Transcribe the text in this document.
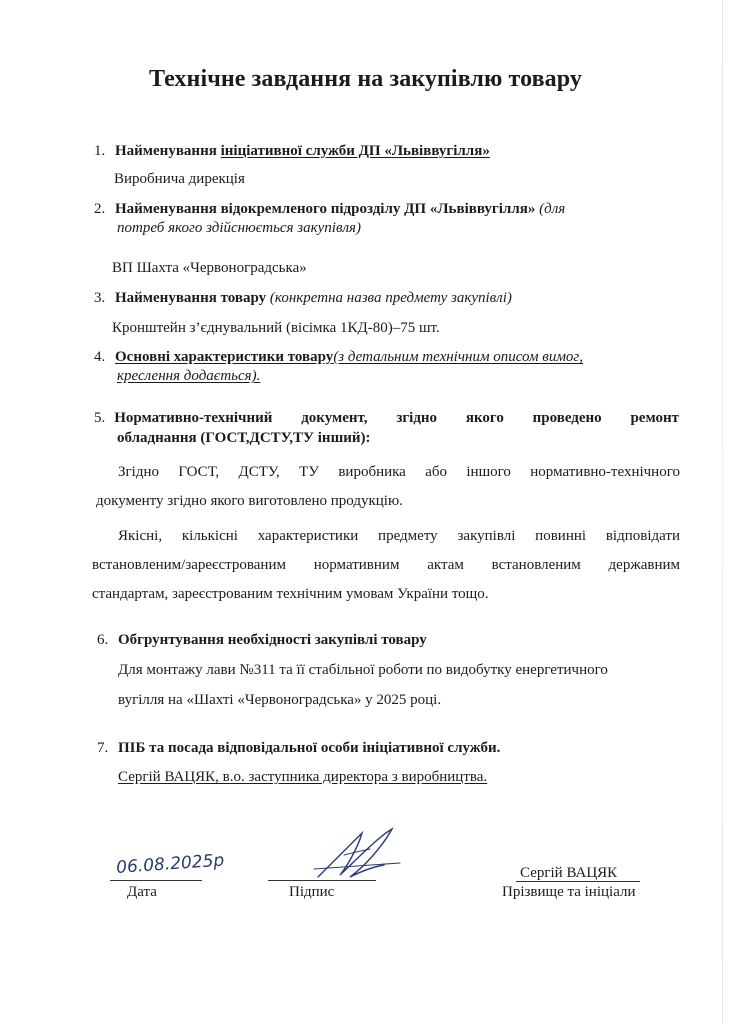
Технічне завдання на закупівлю товару
1. Найменування ініціативної служби ДП «Львіввугілля»
Виробнича дирекція
2. Найменування відокремленого підрозділу ДП «Львіввугілля» (для
потреб якого здійснюється закупівля)
ВП Шахта «Червоноградська»
3. Найменування товару (конкретна назва предмету закупівлі)
Кронштейн з’єднувальний (вісімка 1КД-80)–75 шт.
4. Основні характеристики товару(з детальним технічним описом вимог,
креслення додається).
5. Нормативно-технічний документ, згідно якого проведено ремонт
обладнання (ГОСТ,ДСТУ,ТУ інший):
Згідно ГОСТ, ДСТУ, ТУ виробника або іншого нормативно-технічного
документу згідно якого виготовлено продукцію.
Якісні, кількісні характеристики предмету закупівлі повинні відповідати
встановленим/зареєстрованим нормативним актам встановленим державним
стандартам, зареєстрованим технічним умовам України тощо.
6. Обгрунтування необхідності закупівлі товару
Для монтажу лави №311 та її стабільної роботи по видобутку енергетичного
вугілля на «Шахті «Червоноградська» у 2025 році.
7. ПІБ та посада відповідальної особи ініціативної служби.
Сергій ВАЦЯК, в.о. заступника директора з виробництва.
06.08.2025р
Дата	Підпис
Сергій ВАЦЯК
Прізвище та ініціали
